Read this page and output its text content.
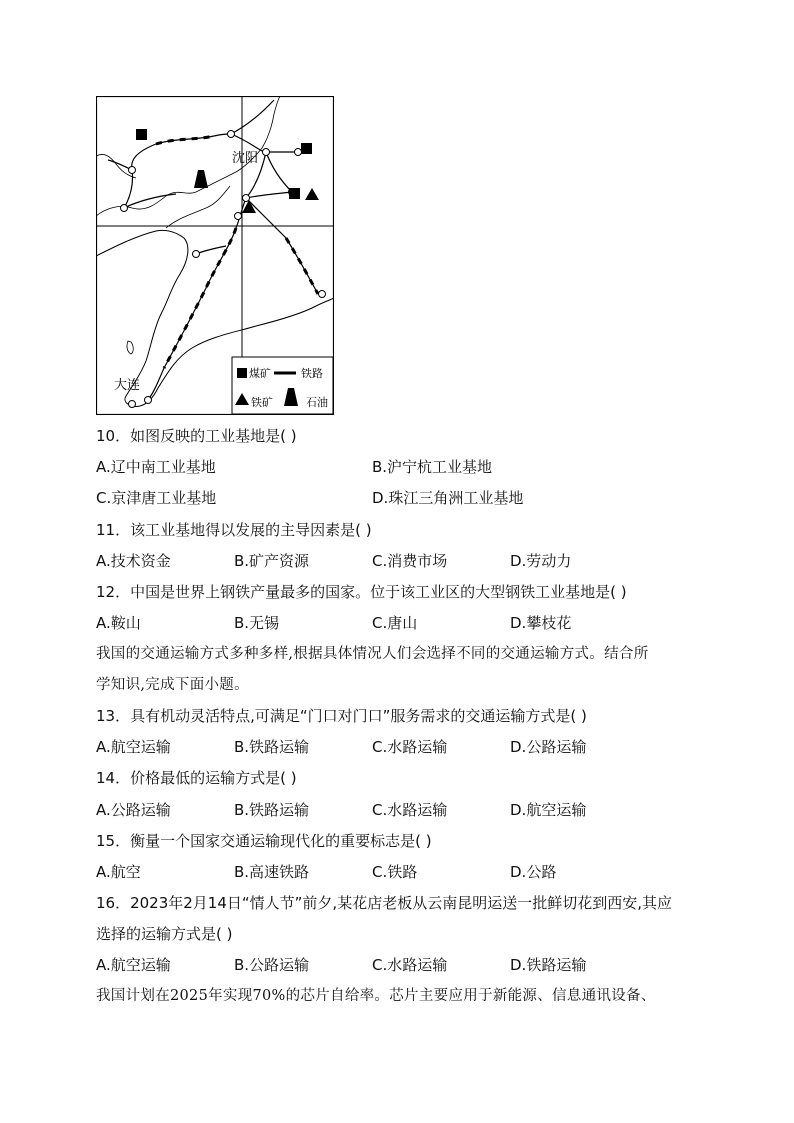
沈阳
大连
煤矿	铁路
铁矿	石油
10．如图反映的工业基地是( )
A.辽中南工业基地	B.沪宁杭工业基地
C.京津唐工业基地	D.珠江三角洲工业基地
11．该工业基地得以发展的主导因素是( )
A.技术资金	B.矿产资源	C.消费市场	D.劳动力
12．中国是世界上钢铁产量最多的国家。位于该工业区的大型钢铁工业基地是( )
A.鞍山	B.无锡	C.唐山	D.攀枝花
我国的交通运输方式多种多样,根据具体情况人们会选择不同的交通运输方式。结合所
学知识,完成下面小题。
13．具有机动灵活特点,可满足“门口对门口”服务需求的交通运输方式是( )
A.航空运输	B.铁路运输	C.水路运输	D.公路运输
14．价格最低的运输方式是( )
A.公路运输	B.铁路运输	C.水路运输	D.航空运输
15．衡量一个国家交通运输现代化的重要标志是( )
A.航空	B.高速铁路	C.铁路	D.公路
16．2023年2月14日“情人节”前夕,某花店老板从云南昆明运送一批鲜切花到西安,其应
选择的运输方式是( )
A.航空运输	B.公路运输	C.水路运输	D.铁路运输
我国计划在2025年实现70%的芯片自给率。芯片主要应用于新能源、信息通讯设备、
